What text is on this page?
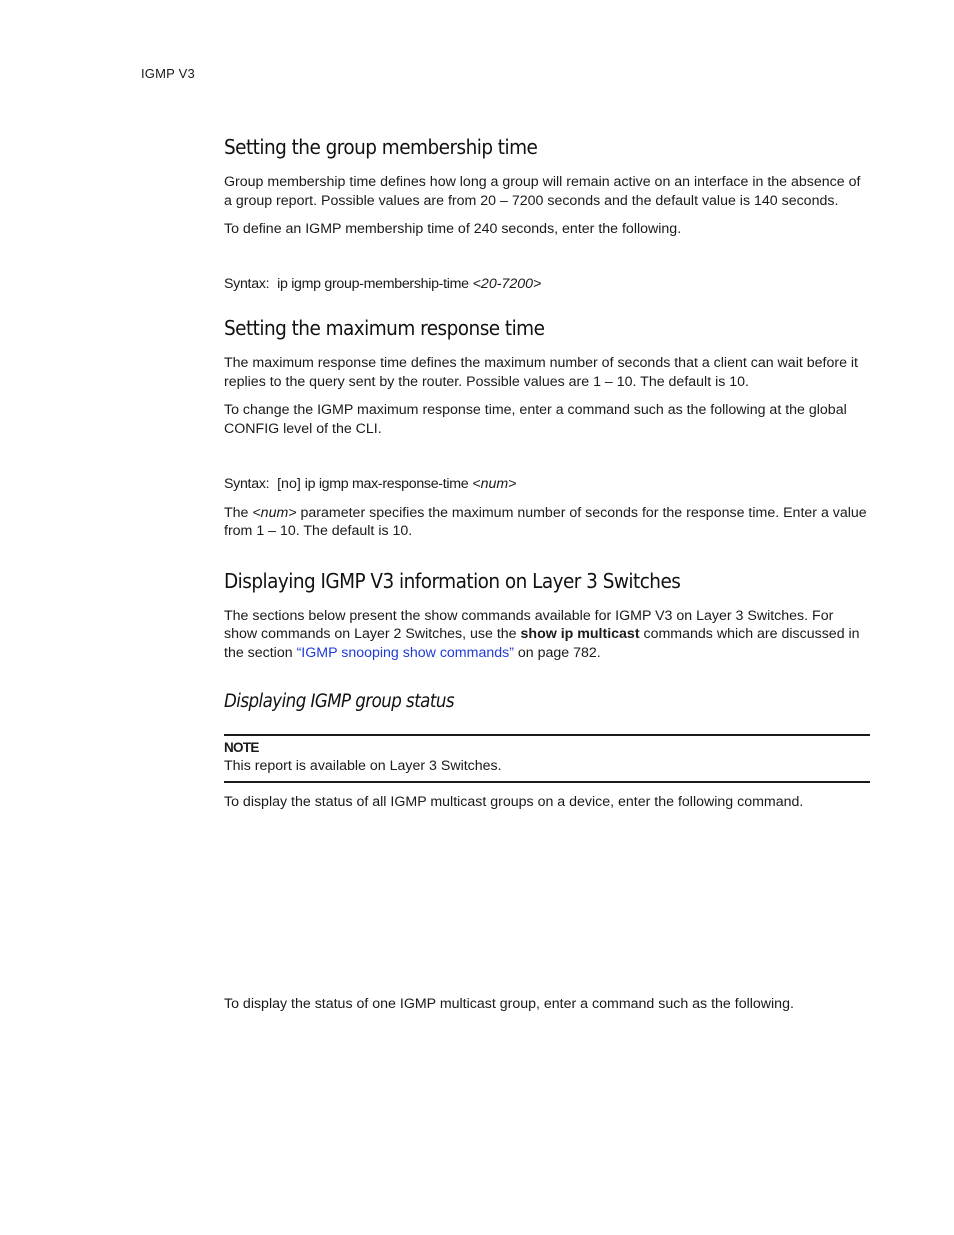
IGMP V3
Setting the group membership time

Group membership time defines how long a group will remain active on an interface in the absence of a group report. Possible values are from 20 – 7200 seconds and the default value is 140 seconds.

To define an IGMP membership time of 240 seconds, enter the following.

Syntax: ip igmp group-membership-time <20-7200>

Setting the maximum response time

The maximum response time defines the maximum number of seconds that a client can wait before it replies to the query sent by the router. Possible values are 1 – 10. The default is 10.

To change the IGMP maximum response time, enter a command such as the following at the global CONFIG level of the CLI.

Syntax: [no] ip igmp max-response-time <num>

The <num> parameter specifies the maximum number of seconds for the response time. Enter a value from 1 – 10. The default is 10.

Displaying IGMP V3 information on Layer 3 Switches

The sections below present the show commands available for IGMP V3 on Layer 3 Switches. For show commands on Layer 2 Switches, use the show ip multicast commands which are discussed in the section “IGMP snooping show commands” on page 782.

Displaying IGMP group status
NOTE

This report is available on Layer 3 Switches.

To display the status of all IGMP multicast groups on a device, enter the following command.

To display the status of one IGMP multicast group, enter a command such as the following.
